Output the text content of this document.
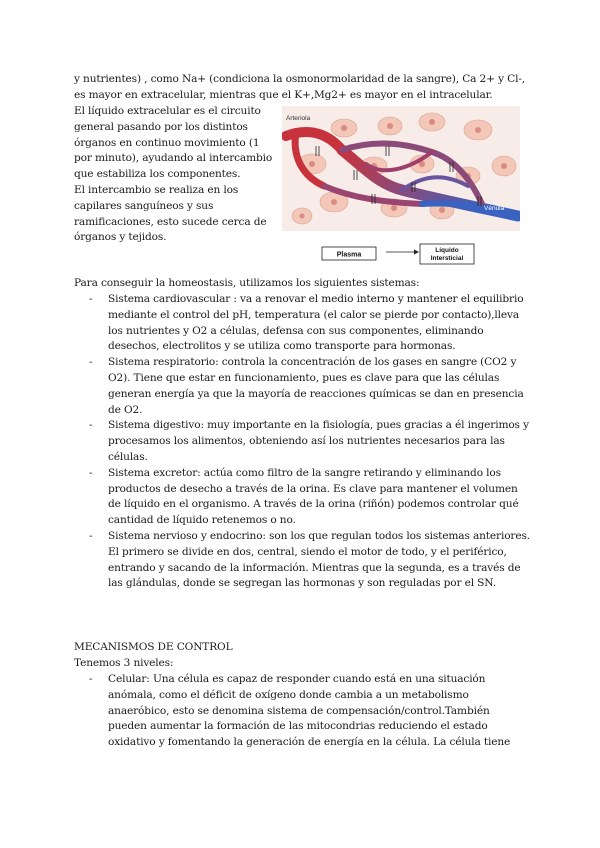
y nutrientes) , como Na+ (condiciona la osmonormolaridad de la sangre), Ca 2+ y Cl-,
es mayor en extracelular, mientras que el K+,Mg2+ es mayor en el intracelular.

El líquido extracelular es el circuito general pasando por los distintos órganos en continuo movimiento (1 por minuto), ayudando al intercambio que estabiliza los componentes.
El intercambio se realiza en los capilares sanguíneos y sus ramificaciones, esto sucede cerca de órganos y tejidos.
Arteriola
Vénula
Plasma
Líquido
Intersticial

Para conseguir la homeostasis, utilizamos los siguientes sistemas:

- Sistema cardiovascular : va a renovar el medio interno y mantener el equilibrio mediante el control del pH, temperatura (el calor se pierde por contacto),lleva los nutrientes y O2 a células, defensa con sus componentes, eliminando desechos, electrolitos y se utiliza como transporte para hormonas.
- Sistema respiratorio: controla la concentración de los gases en sangre (CO2 y O2). Tiene que estar en funcionamiento, pues es clave para que las células generan energía ya que la mayoría de reacciones químicas se dan en presencia de O2.
- Sistema digestivo: muy importante en la fisiología, pues gracias a él ingerimos y procesamos los alimentos, obteniendo así los nutrientes necesarios para las células.
- Sistema excretor: actúa como filtro de la sangre retirando y eliminando los productos de desecho a través de la orina. Es clave para mantener el volumen de líquido en el organismo. A través de la orina (riñón) podemos controlar qué cantidad de líquido retenemos o no.
- Sistema nervioso y endocrino: son los que regulan todos los sistemas anteriores. El primero se divide en dos, central, siendo el motor de todo, y el periférico, entrando y sacando de la información. Mientras que la segunda, es a través de las glándulas, donde se segregan las hormonas y son reguladas por el SN.

MECANISMOS DE CONTROL

Tenemos 3 niveles:

- Celular: Una célula es capaz de responder cuando está en una situación anómala, como el déficit de oxígeno donde cambia a un metabolismo anaeróbico, esto se denomina sistema de compensación/control.También pueden aumentar la formación de las mitocondrias reduciendo el estado oxidativo y fomentando la generación de energía en la célula. La célula tiene
